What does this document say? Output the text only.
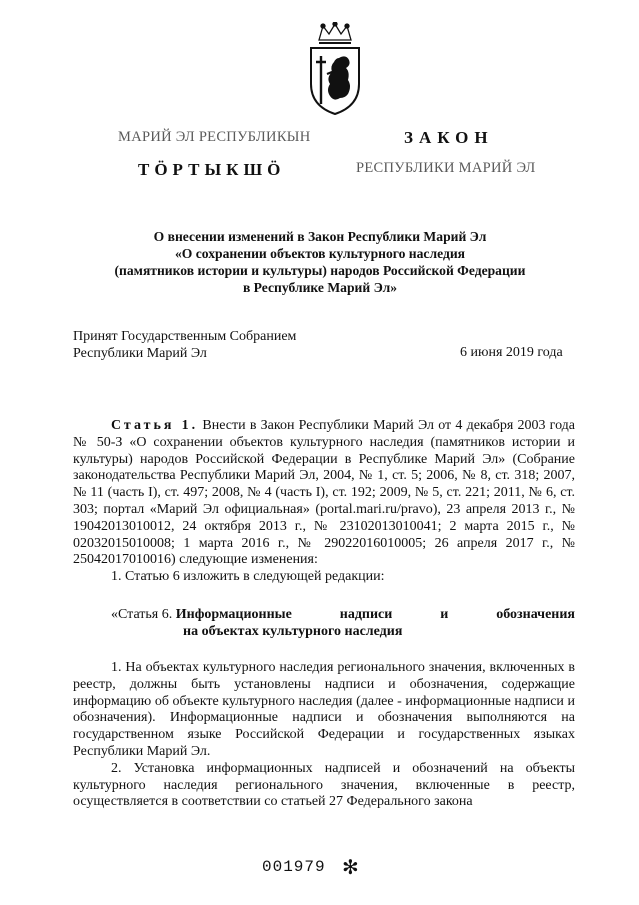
МАРИЙ ЭЛ РЕСПУБЛИКЫН
ТÖРТЫКШÖ
ЗАКОН
РЕСПУБЛИКИ МАРИЙ ЭЛ
О внесении изменений в Закон Республики Марий Эл
«О сохранении объектов культурного наследия
(памятников истории и культуры) народов Российской Федерации
в Республике Марий Эл»
Принят Государственным Собранием
Республики Марий Эл	6 июня 2019 года

Статья 1. Внести в Закон Республики Марий Эл от 4 декабря 2003 года № 50-З «О сохранении объектов культурного наследия (памятников истории и культуры) народов Российской Федерации в Республике Марий Эл» (Собрание законодательства Республики Марий Эл, 2004, № 1, ст. 5; 2006, № 8, ст. 318; 2007, № 11 (часть I), ст. 497; 2008, № 4 (часть I), ст. 192; 2009, № 5, ст. 221; 2011, № 6, ст. 303; портал «Марий Эл официальная» (portal.mari.ru/pravo), 23 апреля 2013 г., № 19042013010012, 24 октября 2013 г., № 23102013010041; 2 марта 2015 г., № 02032015010008; 1 марта 2016 г., № 29022016010005; 26 апреля 2017 г., № 25042017010016) следующие изменения:

1. Статью 6 изложить в следующей редакции:

«Статья 6. Информационные	надписи	и	обозначения
на объектах культурного наследия

1. На объектах культурного наследия регионального значения, включенных в реестр, должны быть установлены надписи и обозначения, содержащие информацию об объекте культурного наследия (далее - информационные надписи и обозначения). Информационные надписи и обозначения выполняются на государственном языке Российской Федерации и государственных языках Республики Марий Эл.

2. Установка информационных надписей и обозначений на объекты культурного наследия регионального значения, включенные в реестр, осуществляется в соответствии со статьей 27 Федерального закона

001979 ✻
